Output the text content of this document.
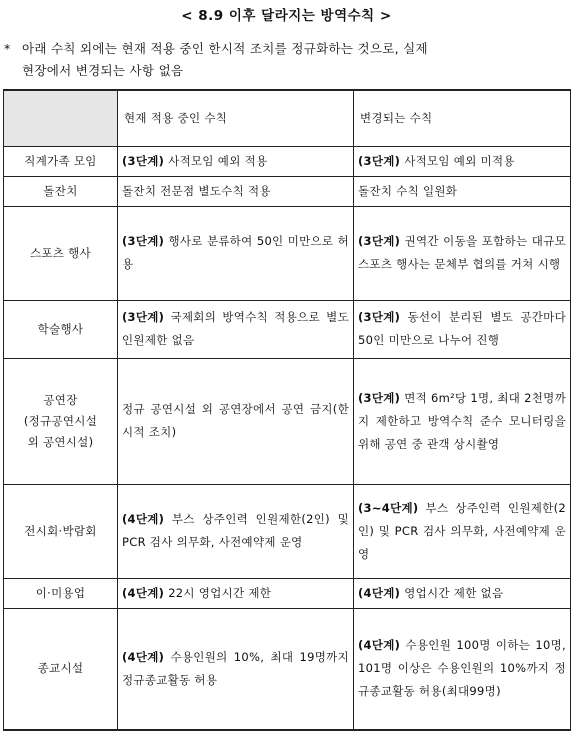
< 8.9 이후 달라지는 방역수칙 >
* 아래 수칙 외에는 현재 적용 중인 한시적 조치를 정규화하는 것으로, 실제
현장에서 변경되는 사항 없음
	현재 적용 중인 수칙	변경되는 수칙
직계가족 모임	(3단계) 사적모임 예외 적용	(3단계) 사적모임 예외 미적용
돌잔치	돌잔치 전문점 별도수칙 적용	돌잔치 수칙 일원화
스포츠 행사	(3단계) 행사로 분류하여 50인 미만으로 허용	(3단계) 권역간 이동을 포함하는 대규모 스포츠 행사는 문체부 협의를 거쳐 시행
학술행사	(3단계) 국제회의 방역수칙 적용으로 별도 인원제한 없음	(3단계) 동선이 분리된 별도 공간마다 50인 미만으로 나누어 진행
공연장
(정규공연시설
외 공연시설)	정규 공연시설 외 공연장에서 공연 금지(한시적 조치)	(3단계) 면적 6m²당 1명, 최대 2천명까지 제한하고 방역수칙 준수 모니터링을 위해 공연 중 관객 상시촬영
전시회·박람회	(4단계) 부스 상주인력 인원제한(2인) 및 PCR 검사 의무화, 사전예약제 운영	(3~4단계) 부스 상주인력 인원제한(2인) 및 PCR 검사 의무화, 사전예약제 운영
이·미용업	(4단계) 22시 영업시간 제한	(4단계) 영업시간 제한 없음
종교시설	(4단계) 수용인원의 10%, 최대 19명까지 정규종교활동 허용	(4단계) 수용인원 100명 이하는 10명, 101명 이상은 수용인원의 10%까지 정규종교활동 허용(최대99명)
